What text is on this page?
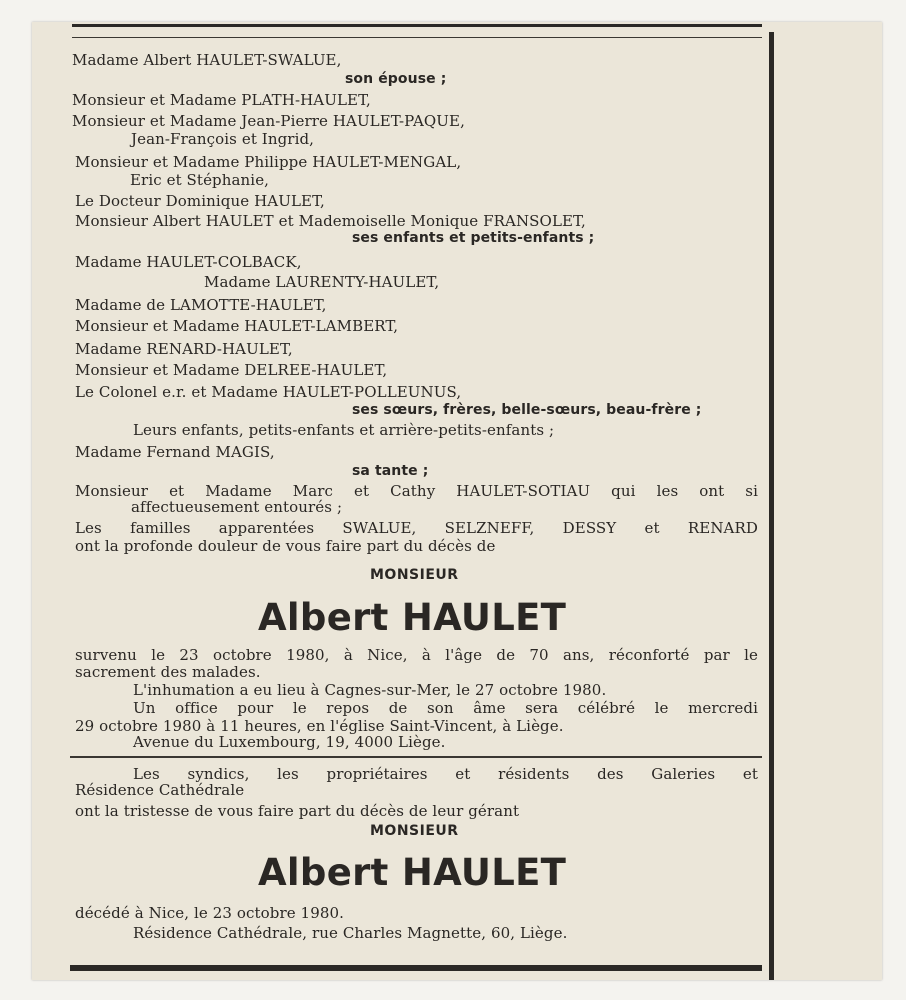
Madame Albert HAULET-SWALUE,
son épouse ;
Monsieur et Madame PLATH-HAULET,
Monsieur et Madame Jean-Pierre HAULET-PAQUE,
Jean-François et Ingrid,
Monsieur et Madame Philippe HAULET-MENGAL,
Eric et Stéphanie,
Le Docteur Dominique HAULET,
Monsieur Albert HAULET et Mademoiselle Monique FRANSOLET,
ses enfants et petits-enfants ;
Madame HAULET-COLBACK,
Madame LAURENTY-HAULET,
Madame de LAMOTTE-HAULET,
Monsieur et Madame HAULET-LAMBERT,
Madame RENARD-HAULET,
Monsieur et Madame DELREE-HAULET,
Le Colonel e.r. et Madame HAULET-POLLEUNUS,
ses sœurs, frères, belle-sœurs, beau-frère ;
Leurs enfants, petits-enfants et arrière-petits-enfants ;
Madame Fernand MAGIS,
sa tante ;
Monsieur et Madame Marc et Cathy HAULET-SOTIAU qui les ont si
affectueusement entourés ;
Les familles apparentées SWALUE, SELZNEFF, DESSY et RENARD
ont la profonde douleur de vous faire part du décès de
MONSIEUR
Albert HAULET
survenu le 23 octobre 1980, à Nice, à l'âge de 70 ans, réconforté par le
sacrement des malades.
L'inhumation a eu lieu à Cagnes-sur-Mer, le 27 octobre 1980.
Un office pour le repos de son âme sera célébré le mercredi
29 octobre 1980 à 11 heures, en l'église Saint-Vincent, à Liège.
Avenue du Luxembourg, 19, 4000 Liège.
Les syndics, les propriétaires et résidents des Galeries et
Résidence Cathédrale
ont la tristesse de vous faire part du décès de leur gérant
MONSIEUR
Albert HAULET
décédé à Nice, le 23 octobre 1980.
Résidence Cathédrale, rue Charles Magnette, 60, Liège.
